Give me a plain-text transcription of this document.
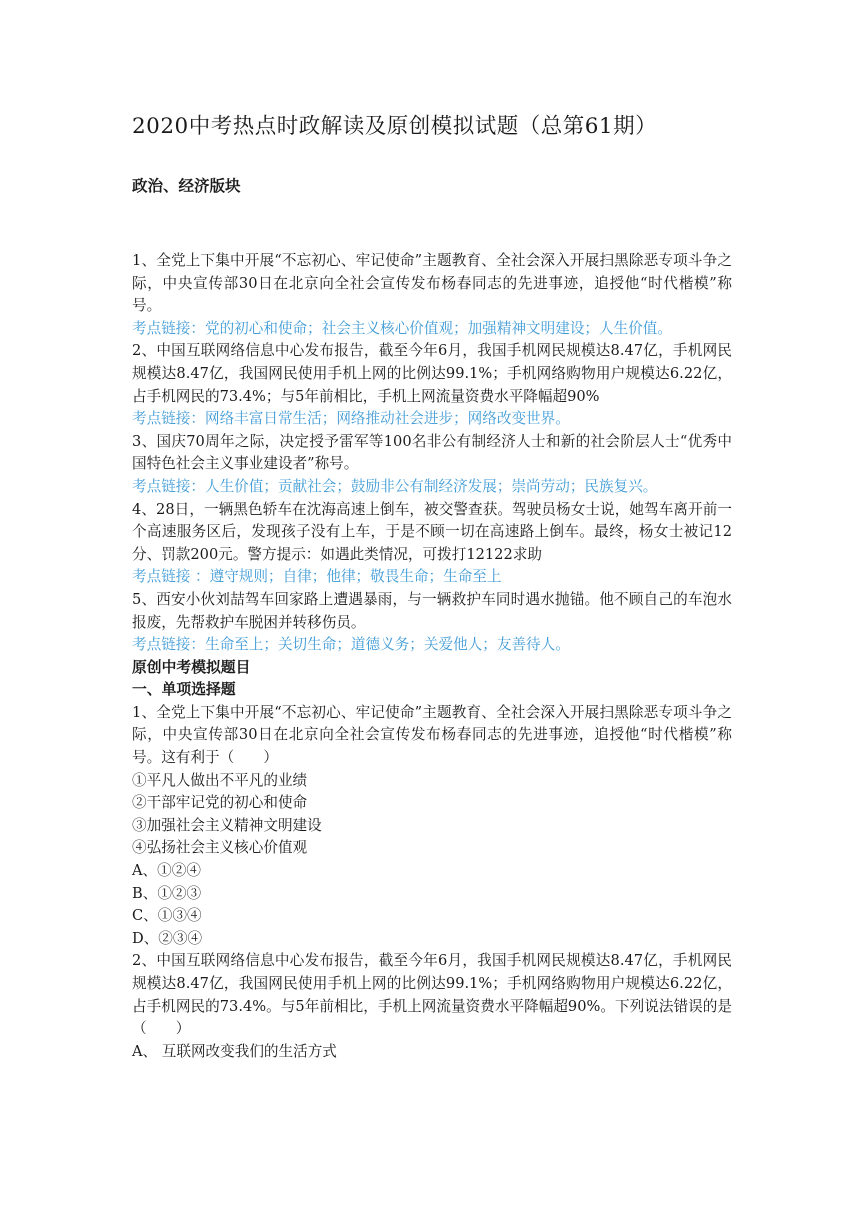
2020中考热点时政解读及原创模拟试题（总第61期）
政治、经济版块

1、全党上下集中开展“不忘初心、牢记使命”主题教育、全社会深入开展扫黑除恶专项斗争之际，中央宣传部30日在北京向全社会宣传发布杨春同志的先进事迹，追授他“时代楷模”称号。

考点链接：党的初心和使命；社会主义核心价值观；加强精神文明建设；人生价值。

2、中国互联网络信息中心发布报告，截至今年6月，我国手机网民规模达8.47亿，手机网民规模达8.47亿，我国网民使用手机上网的比例达99.1%；手机网络购物用户规模达6.22亿，占手机网民的73.4%；与5年前相比，手机上网流量资费水平降幅超90%

考点链接：网络丰富日常生活；网络推动社会进步；网络改变世界。

3、国庆70周年之际，决定授予雷军等100名非公有制经济人士和新的社会阶层人士“优秀中国特色社会主义事业建设者”称号。

考点链接：人生价值；贡献社会；鼓励非公有制经济发展；崇尚劳动；民族复兴。

4、28日，一辆黑色轿车在沈海高速上倒车，被交警查获。驾驶员杨女士说，她驾车离开前一个高速服务区后，发现孩子没有上车，于是不顾一切在高速路上倒车。最终，杨女士被记12分、罚款200元。警方提示：如遇此类情况，可拨打12122求助

考点链接 ：遵守规则；自律；他律；敬畏生命；生命至上

5、西安小伙刘喆驾车回家路上遭遇暴雨，与一辆救护车同时遇水抛锚。他不顾自己的车泡水报废，先帮救护车脱困并转移伤员。

考点链接：生命至上；关切生命；道德义务；关爱他人；友善待人。

原创中考模拟题目

一、单项选择题

1、全党上下集中开展“不忘初心、牢记使命”主题教育、全社会深入开展扫黑除恶专项斗争之际，中央宣传部30日在北京向全社会宣传发布杨春同志的先进事迹，追授他“时代楷模”称号。这有利于（　　）

①平凡人做出不平凡的业绩

②干部牢记党的初心和使命

③加强社会主义精神文明建设

④弘扬社会主义核心价值观

A、①②④

B、①②③

C、①③④

D、②③④

2、中国互联网络信息中心发布报告，截至今年6月，我国手机网民规模达8.47亿，手机网民规模达8.47亿，我国网民使用手机上网的比例达99.1%；手机网络购物用户规模达6.22亿，占手机网民的73.4%。与5年前相比，手机上网流量资费水平降幅超90%。下列说法错误的是（　　）

A、 互联网改变我们的生活方式
